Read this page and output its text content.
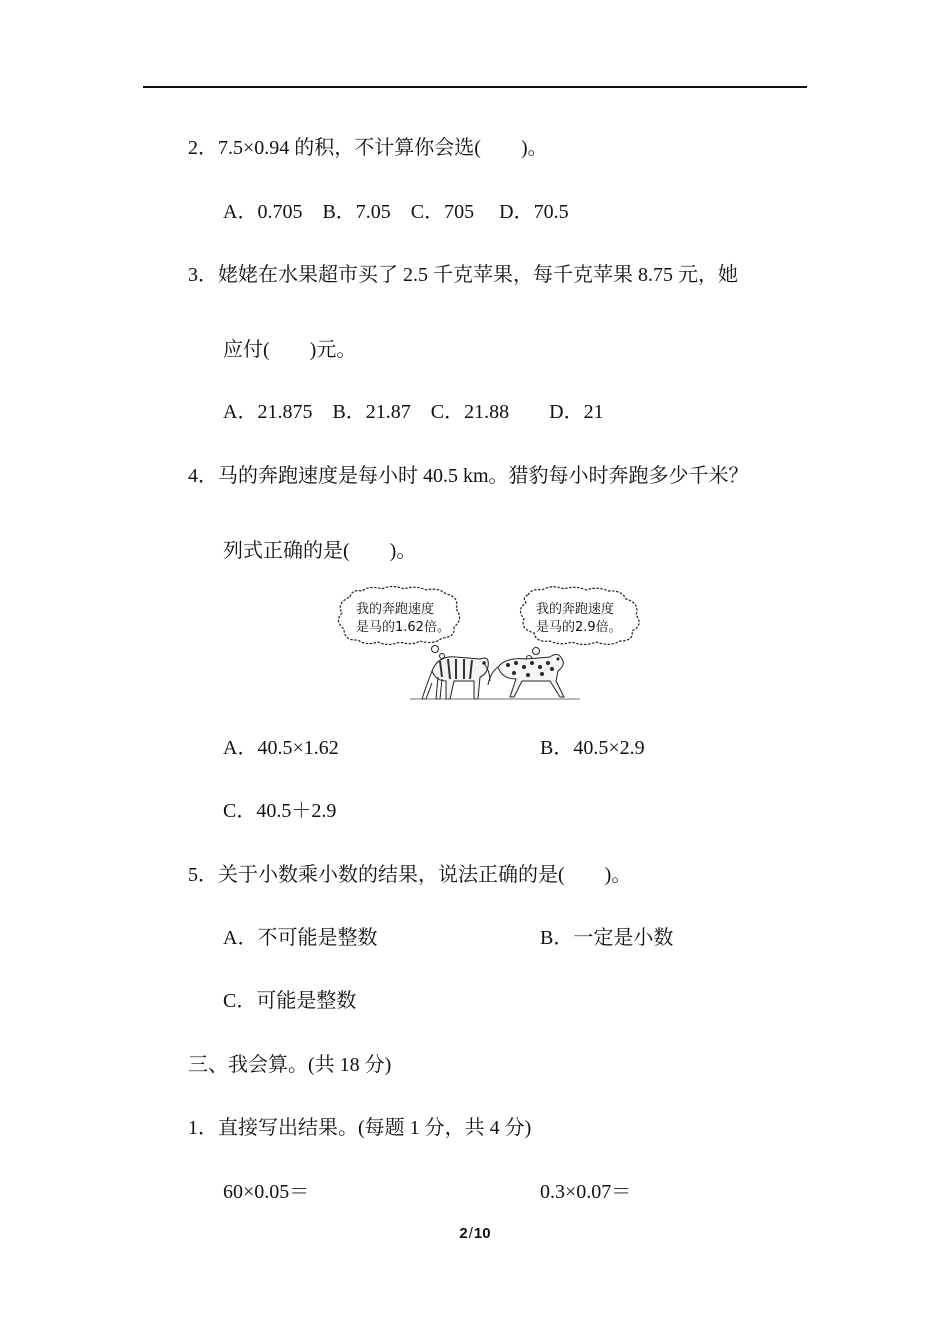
2．7.5×0.94 的积，不计算你会选(　　)。
A．0.705　B．7.05　C．705　 D．70.5
3．姥姥在水果超市买了 2.5 千克苹果，每千克苹果 8.75 元，她
应付(　　)元。
A．21.875　B．21.87　C．21.88　　D．21
4．马的奔跑速度是每小时 40.5 km。猎豹每小时奔跑多少千米？
列式正确的是(　　)。
我的奔跑速度
是马的1.62倍。
我的奔跑速度
是马的2.9倍。
A．40.5×1.62	B．40.5×2.9
C．40.5＋2.9
5．关于小数乘小数的结果，说法正确的是(　　)。
A．不可能是整数	B．一定是小数
C．可能是整数
三、我会算。(共 18 分)
1．直接写出结果。(每题 1 分，共 4 分)
60×0.05＝	0.3×0.07＝
2/10
